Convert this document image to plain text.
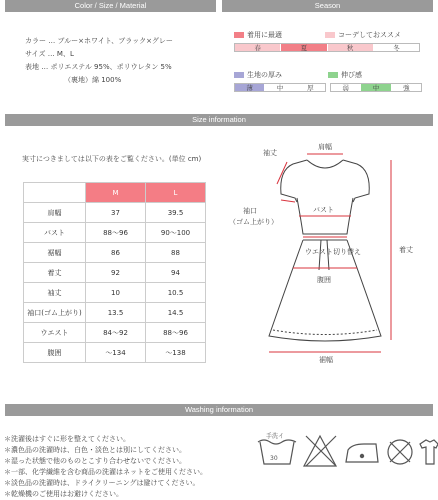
Color / Size / Material	Season
カラー … ブルー×ホワイト、ブラック×グレー
サイズ … M、L
表地 … ポリエステル 95%、ポリウレタン 5%
（裏地）綿 100%
着用に最適	コーデしておススメ
春	夏	秋	冬
生地の厚み	伸び感
薄	中	厚	弱	中	強
Size information
実寸につきましては以下の表をご覧ください。(単位 cm)
	M	L
肩幅	37	39.5
バスト	88〜96	90〜100
裾幅	86	88
着丈	92	94
袖丈	10	10.5
袖口(ゴム上がり)	13.5	14.5
ウエスト	84〜92	88〜96
腹囲	〜134	〜138
肩幅
袖丈
着丈
袖口
（ゴム上がり）
バスト
ウエスト切り替え
腹囲
裾幅
Washing information
＊洗濯後はすぐに形を整えてください。
＊濃色品の洗濯時は、白色・淡色とは別にしてください。
＊湿った状態で他のものとこすり合わせないでください。
＊一部、化学繊維を含む商品の洗濯はネットをご使用ください。
＊淡色品の洗濯時は、ドライクリーニングは避けてください。
＊乾燥機のご使用はお避けください。
手洗イ
30
